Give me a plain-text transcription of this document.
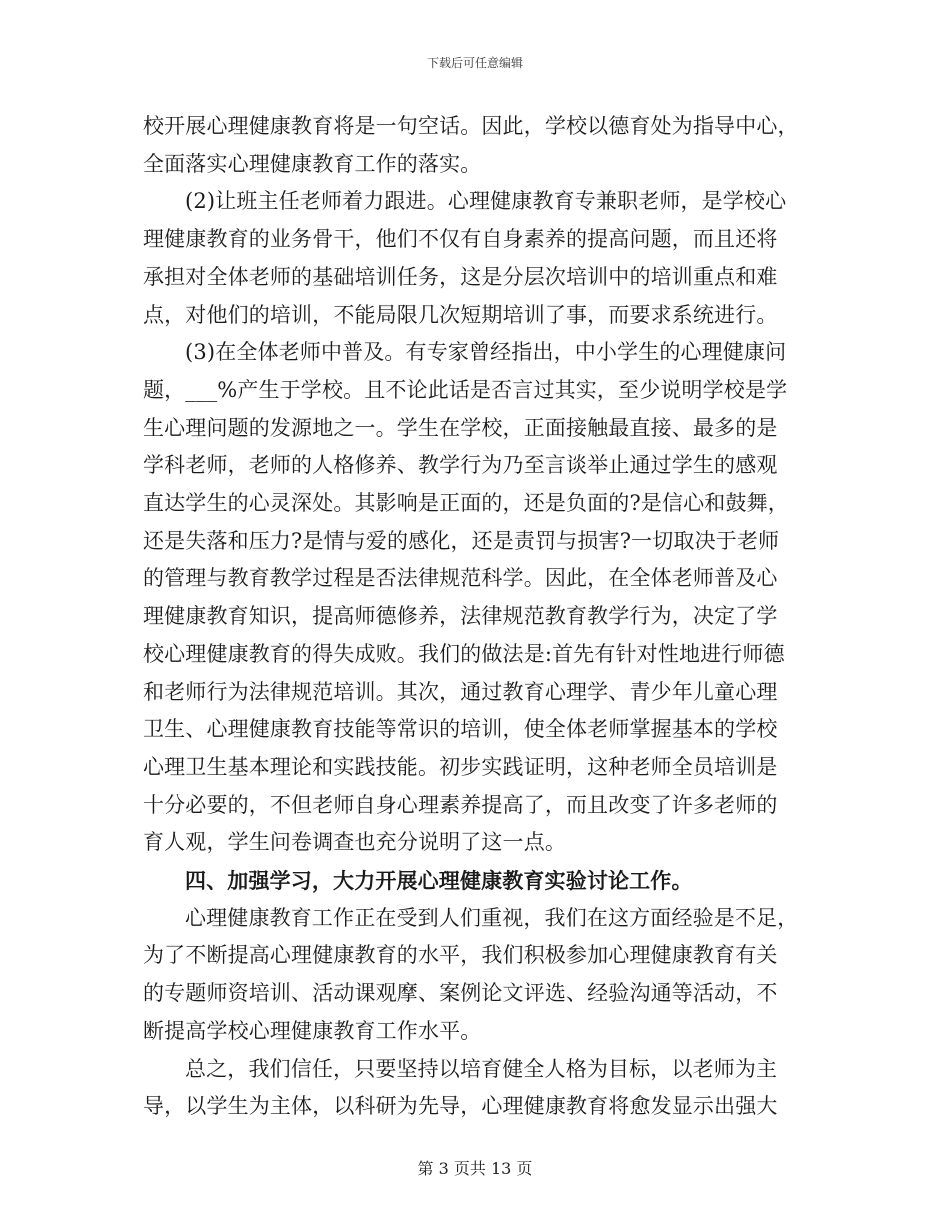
下载后可任意编辑
校开展心理健康教育将是一句空话。因此，学校以德育处为指导中心，
全面落实心理健康教育工作的落实。
(2)让班主任老师着力跟进。心理健康教育专兼职老师，是学校心
理健康教育的业务骨干，他们不仅有自身素养的提高问题，而且还将
承担对全体老师的基础培训任务，这是分层次培训中的培训重点和难
点，对他们的培训，不能局限几次短期培训了事，而要求系统进行。
(3)在全体老师中普及。有专家曾经指出，中小学生的心理健康问
题，___%产生于学校。且不论此话是否言过其实，至少说明学校是学
生心理问题的发源地之一。学生在学校，正面接触最直接、最多的是
学科老师，老师的人格修养、教学行为乃至言谈举止通过学生的感观
直达学生的心灵深处。其影响是正面的，还是负面的?是信心和鼓舞，
还是失落和压力?是情与爱的感化，还是责罚与损害?一切取决于老师
的管理与教育教学过程是否法律规范科学。因此，在全体老师普及心
理健康教育知识，提高师德修养，法律规范教育教学行为，决定了学
校心理健康教育的得失成败。我们的做法是:首先有针对性地进行师德
和老师行为法律规范培训。其次，通过教育心理学、青少年儿童心理
卫生、心理健康教育技能等常识的培训，使全体老师掌握基本的学校
心理卫生基本理论和实践技能。初步实践证明，这种老师全员培训是
十分必要的，不但老师自身心理素养提高了，而且改变了许多老师的
育人观，学生问卷调查也充分说明了这一点。
四、加强学习，大力开展心理健康教育实验讨论工作。
心理健康教育工作正在受到人们重视，我们在这方面经验是不足，
为了不断提高心理健康教育的水平，我们积极参加心理健康教育有关
的专题师资培训、活动课观摩、案例论文评选、经验沟通等活动，不
断提高学校心理健康教育工作水平。
总之，我们信任，只要坚持以培育健全人格为目标，以老师为主
导，以学生为主体，以科研为先导，心理健康教育将愈发显示出强大
第 3 页共 13 页
